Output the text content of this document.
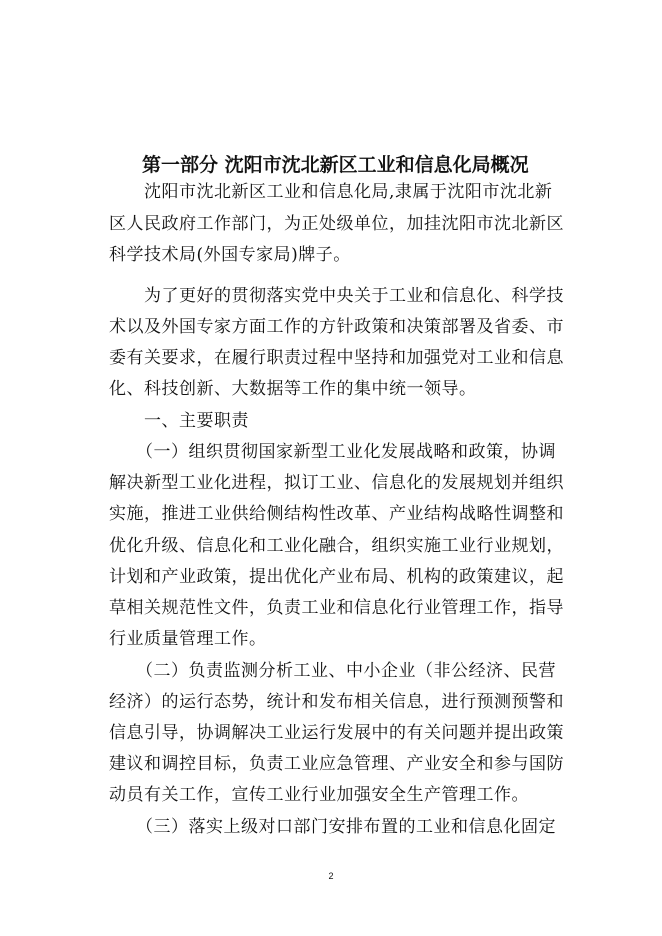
第一部分 沈阳市沈北新区工业和信息化局概况
沈阳市沈北新区工业和信息化局,隶属于沈阳市沈北新
区人民政府工作部门，为正处级单位，加挂沈阳市沈北新区
科学技术局(外国专家局)牌子。
为了更好的贯彻落实党中央关于工业和信息化、科学技
术以及外国专家方面工作的方针政策和决策部署及省委、市
委有关要求，在履行职责过程中坚持和加强党对工业和信息
化、科技创新、大数据等工作的集中统一领导。
一、主要职责
（一）组织贯彻国家新型工业化发展战略和政策，协调
解决新型工业化进程，拟订工业、信息化的发展规划并组织
实施，推进工业供给侧结构性改革、产业结构战略性调整和
优化升级、信息化和工业化融合，组织实施工业行业规划，
计划和产业政策，提出优化产业布局、机构的政策建议，起
草相关规范性文件，负责工业和信息化行业管理工作，指导
行业质量管理工作。
（二）负责监测分析工业、中小企业（非公经济、民营
经济）的运行态势，统计和发布相关信息，进行预测预警和
信息引导，协调解决工业运行发展中的有关问题并提出政策
建议和调控目标，负责工业应急管理、产业安全和参与国防
动员有关工作，宣传工业行业加强安全生产管理工作。
（三）落实上级对口部门安排布置的工业和信息化固定
2
